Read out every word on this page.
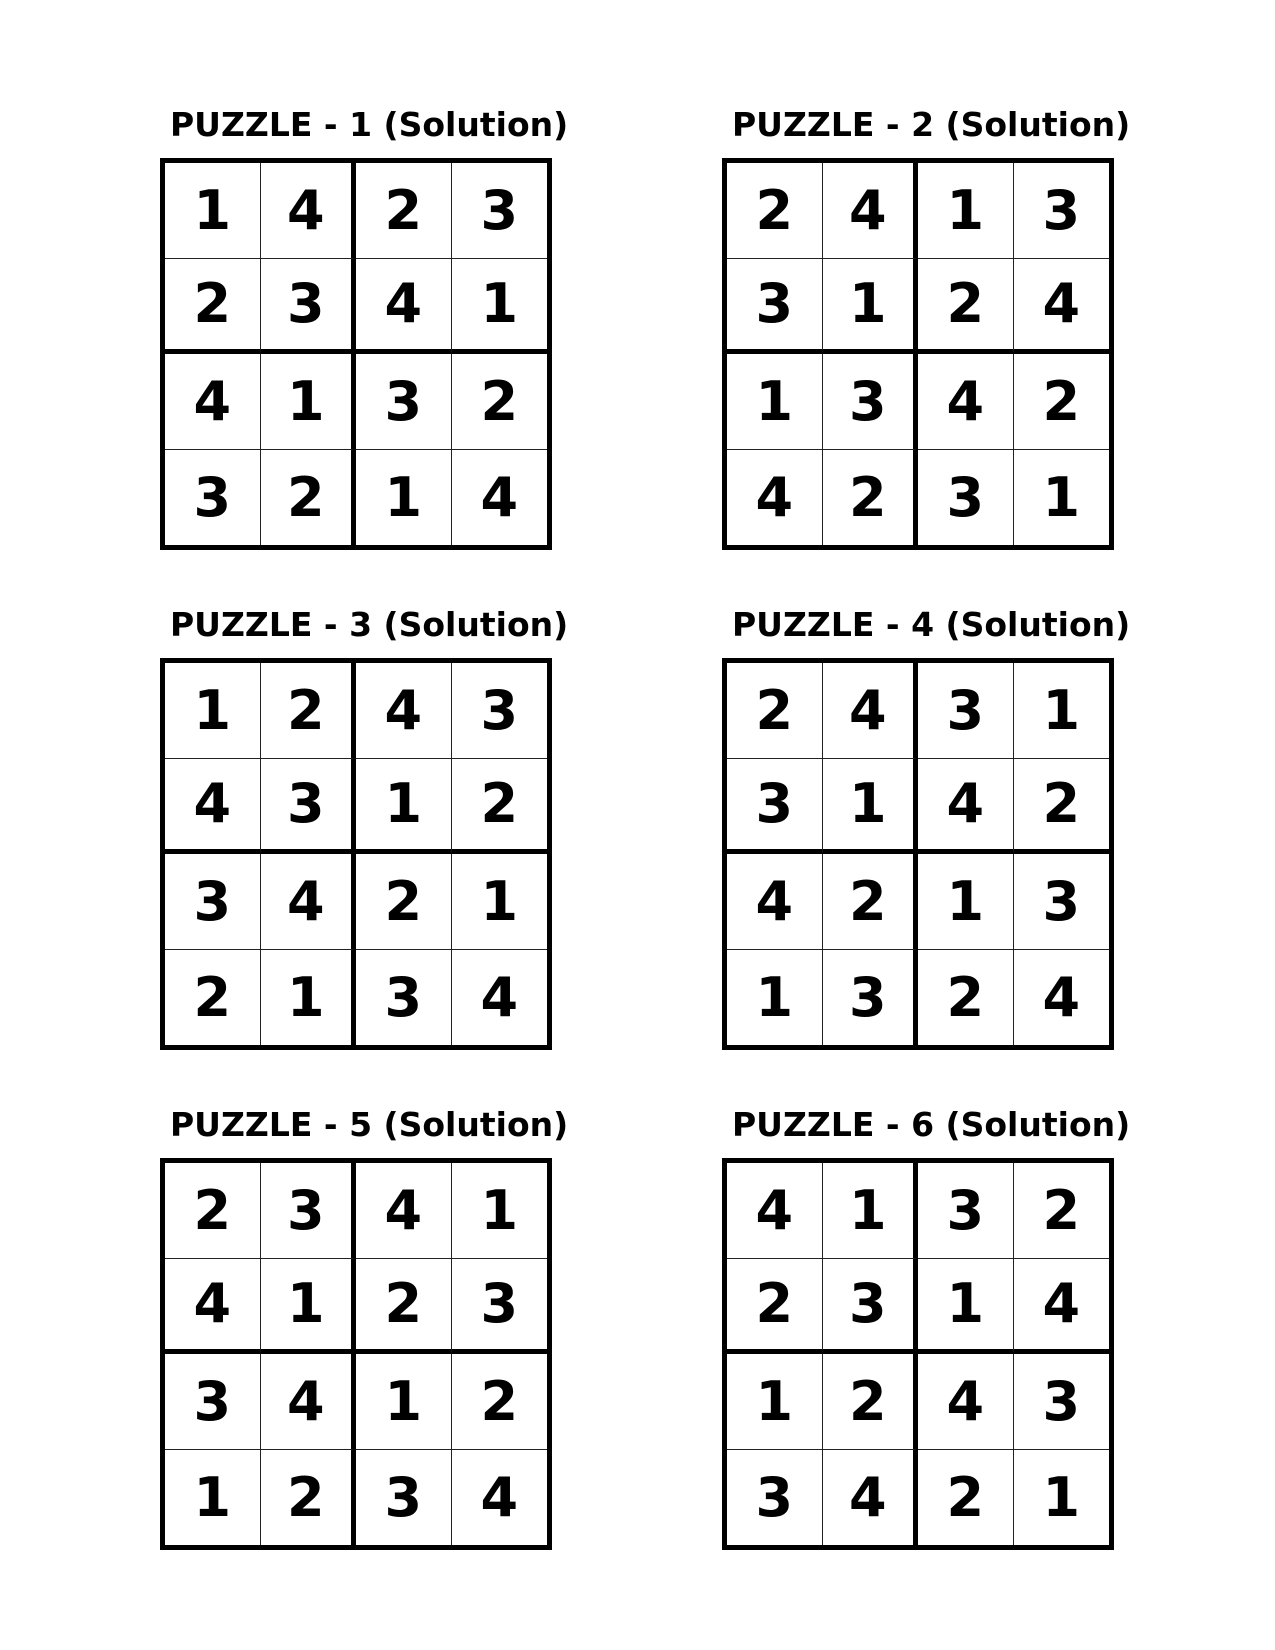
PUZZLE - 1 (Solution)
1	4	2	3
2	3	4	1
4	1	3	2
3	2	1	4
PUZZLE - 2 (Solution)
2	4	1	3
3	1	2	4
1	3	4	2
4	2	3	1
PUZZLE - 3 (Solution)
1	2	4	3
4	3	1	2
3	4	2	1
2	1	3	4
PUZZLE - 4 (Solution)
2	4	3	1
3	1	4	2
4	2	1	3
1	3	2	4
PUZZLE - 5 (Solution)
2	3	4	1
4	1	2	3
3	4	1	2
1	2	3	4
PUZZLE - 6 (Solution)
4	1	3	2
2	3	1	4
1	2	4	3
3	4	2	1
